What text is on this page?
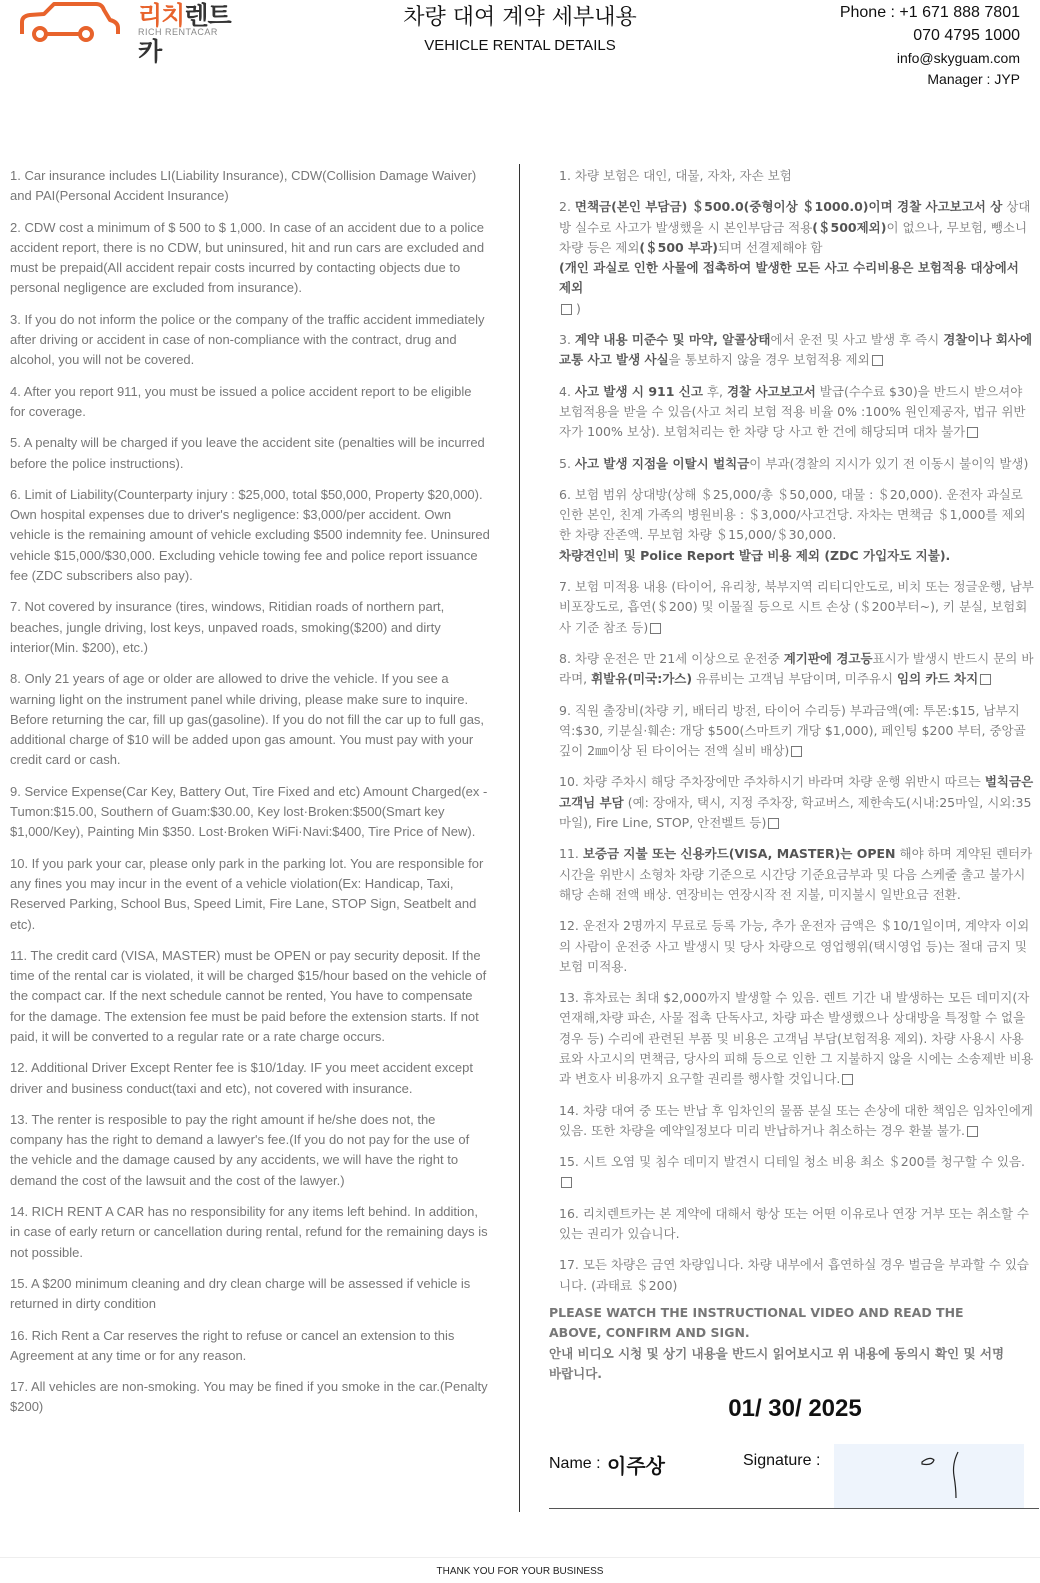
리치렌트카
RICH RENTACAR
차량 대여 계약 세부내용
VEHICLE RENTAL DETAILS
Phone : +1 671 888 7801
070 4795 1000
info@skyguam.com
Manager : JYP

1. Car insurance includes LI(Liability Insurance), CDW(Collision Damage Waiver) and PAI(Personal Accident Insurance)

2. CDW cost a minimum of $ 500 to $ 1,000. In case of an accident due to a police accident report, there is no CDW, but uninsured, hit and run cars are excluded and must be prepaid(All accident repair costs incurred by contacting objects due to personal negligence are excluded from insurance).

3. If you do not inform the police or the company of the traffic accident immediately after driving or accident in case of non-compliance with the contract, drug and alcohol, you will not be covered.

4. After you report 911, you must be issued a police accident report to be eligible for coverage.

5. A penalty will be charged if you leave the accident site (penalties will be incurred before the police instructions).

6. Limit of Liability(Counterparty injury : $25,000, total $50,000, Property $20,000). Own hospital expenses due to driver's negligence: $3,000/per accident. Own vehicle is the remaining amount of vehicle excluding $500 indemnity fee. Uninsured vehicle $15,000/$30,000. Excluding vehicle towing fee and police report issuance fee (ZDC subscribers also pay).

7. Not covered by insurance (tires, windows, Ritidian roads of northern part, beaches, jungle driving, lost keys, unpaved roads, smoking($200) and dirty interior(Min. $200), etc.)

8. Only 21 years of age or older are allowed to drive the vehicle. If you see a warning light on the instrument panel while driving, please make sure to inquire. Before returning the car, fill up gas(gasoline). If you do not fill the car up to full gas, additional charge of $10 will be added upon gas amount. You must pay with your credit card or cash.

9. Service Expense(Car Key, Battery Out, Tire Fixed and etc) Amount Charged(ex - Tumon:$15.00, Southern of Guam:$30.00, Key lost·Broken:$500(Smart key $1,000/Key), Painting Min $350. Lost·Broken WiFi·Navi:$400, Tire Price of New).

10. If you park your car, please only park in the parking lot. You are responsible for any fines you may incur in the event of a vehicle violation(Ex: Handicap, Taxi, Reserved Parking, School Bus, Speed Limit, Fire Lane, STOP Sign, Seatbelt and etc).

11. The credit card (VISA, MASTER) must be OPEN or pay security deposit. If the time of the rental car is violated, it will be charged $15/hour based on the vehicle of the compact car. If the next schedule cannot be rented, You have to compensate for the damage. The extension fee must be paid before the extension starts. If not paid, it will be converted to a regular rate or a rate charge occurs.

12. Additional Driver Except Renter fee is $10/1day. IF you meet accident except driver and business conduct(taxi and etc), not covered with insurance.

13. The renter is resposible to pay the right amount if he/she does not, the company has the right to demand a lawyer's fee.(If you do not pay for the use of the vehicle and the damage caused by any accidents, we will have the right to demand the cost of the lawsuit and the cost of the lawyer.)

14. RICH RENT A CAR has no responsibility for any items left behind. In addition, in case of early return or cancellation during rental, refund for the remaining days is not possible.

15. A $200 minimum cleaning and dry clean charge will be assessed if vehicle is returned in dirty condition

16. Rich Rent a Car reserves the right to refuse or cancel an extension to this Agreement at any time or for any reason.

17. All vehicles are non-smoking. You may be fined if you smoke in the car.(Penalty $200)

1. 차량 보험은 대인, 대물, 자차, 자손 보험

2. 면책금(본인 부담금) ＄500.0(중형이상 ＄1000.0)이며 경찰 사고보고서 상 상대방 실수로 사고가 발생했을 시 본인부담금 적용(＄500제외)이 없으나, 무보험, 뺑소니 차량 등은 제외(＄500 부과)되며 선결제해야 함
(개인 과실로 인한 사물에 접촉하여 발생한 모든 사고 수리비용은 보험적용 대상에서 제외
)

3. 계약 내용 미준수 및 마약, 알콜상태에서 운전 및 사고 발생 후 즉시 경찰이나 회사에 교통 사고 발생 사실을 통보하지 않을 경우 보험적용 제외

4. 사고 발생 시 911 신고 후, 경찰 사고보고서 발급(수수료 $30)을 반드시 받으셔야 보험적용을 받을 수 있음(사고 처리 보험 적용 비율 0% :100% 원인제공자, 법규 위반자가 100% 보상). 보험처리는 한 차량 당 사고 한 건에 해당되며 대차 불가

5. 사고 발생 지점을 이탈시 벌칙금이 부과(경찰의 지시가 있기 전 이동시 불이익 발생)

6. 보험 범위 상대방(상해 ＄25,000/총 ＄50,000, 대물 : ＄20,000). 운전자 과실로 인한 본인, 친계 가족의 병원비용 : ＄3,000/사고건당. 자차는 면책금 ＄1,000를 제외한 차량 잔존액. 무보험 차량 ＄15,000/＄30,000.
차량견인비 및 Police Report 발급 비용 제외 (ZDC 가입자도 지불).

7. 보험 미적용 내용 (타이어, 유리창, 북부지역 리티디안도로, 비치 또는 정글운행, 남부 비포장도로, 흡연(＄200) 및 이물질 등으로 시트 손상 (＄200부터~), 키 분실, 보험회사 기준 참조 등)

8. 차량 운전은 만 21세 이상으로 운전중 계기판에 경고등표시가 발생시 반드시 문의 바라며, 휘발유(미국:가스) 유류비는 고객님 부담이며, 미주유시 임의 카드 차지

9. 직원 출장비(차량 키, 배터리 방전, 타이어 수리등) 부과금액(예: 투몬:$15, 남부지역:$30, 키분실·훼손: 개당 $500(스마트키 개당 $1,000), 페인팅 $200 부터, 중앙골 깊이 2㎜이상 된 타이어는 전액 실비 배상)

10. 차량 주차시 해당 주차장에만 주차하시기 바라며 차량 운행 위반시 따르는 벌칙금은 고객님 부담 (예: 장애자, 택시, 지정 주차장, 학교버스, 제한속도(시내:25마일, 시외:35마일), Fire Line, STOP, 안전벨트 등)

11. 보증금 지불 또는 신용카드(VISA, MASTER)는 OPEN 해야 하며 계약된 렌터카 시간을 위반시 소형차 차량 기준으로 시간당 기준요금부과 및 다음 스케줄 출고 불가시 해당 손해 전액 배상. 연장비는 연장시작 전 지불, 미지불시 일반요금 전환.

12. 운전자 2명까지 무료로 등록 가능, 추가 운전자 금액은 ＄10/1일이며, 계약자 이외의 사람이 운전중 사고 발생시 및 당사 차량으로 영업행위(택시영업 등)는 절대 금지 및 보험 미적용.

13. 휴차료는 최대 $2,000까지 발생할 수 있음. 렌트 기간 내 발생하는 모든 데미지(자연재해,차량 파손, 사물 접촉 단독사고, 차량 파손 발생했으나 상대방을 특정할 수 없을 경우 등) 수리에 관련된 부품 및 비용은 고객님 부담(보험적용 제외). 차량 사용시 사용료와 사고시의 면책금, 당사의 피해 등으로 인한 그 지불하지 않을 시에는 소송제반 비용과 변호사 비용까지 요구할 권리를 행사할 것입니다.

14. 차량 대여 중 또는 반납 후 임차인의 물품 분실 또는 손상에 대한 책임은 임차인에게 있음. 또한 차량을 예약일정보다 미리 반납하거나 취소하는 경우 환불 불가.

15. 시트 오염 및 침수 데미지 발견시 디테일 청소 비용 최소 ＄200를 청구할 수 있음.

16. 리치렌트카는 본 계약에 대해서 항상 또는 어떤 이유로나 연장 거부 또는 취소할 수 있는 권리가 있습니다.

17. 모든 차량은 금연 차량입니다. 차량 내부에서 흡연하실 경우 벌금을 부과할 수 있습니다. (과태료 ＄200)

PLEASE WATCH THE INSTRUCTIONAL VIDEO AND READ THE ABOVE, CONFIRM AND SIGN.
안내 비디오 시청 및 상기 내용을 반드시 읽어보시고 위 내용에 동의시 확인 및 서명 바랍니다.
01/ 30/ 2025
Name : 이주상	Signature :
THANK YOU FOR YOUR BUSINESS
